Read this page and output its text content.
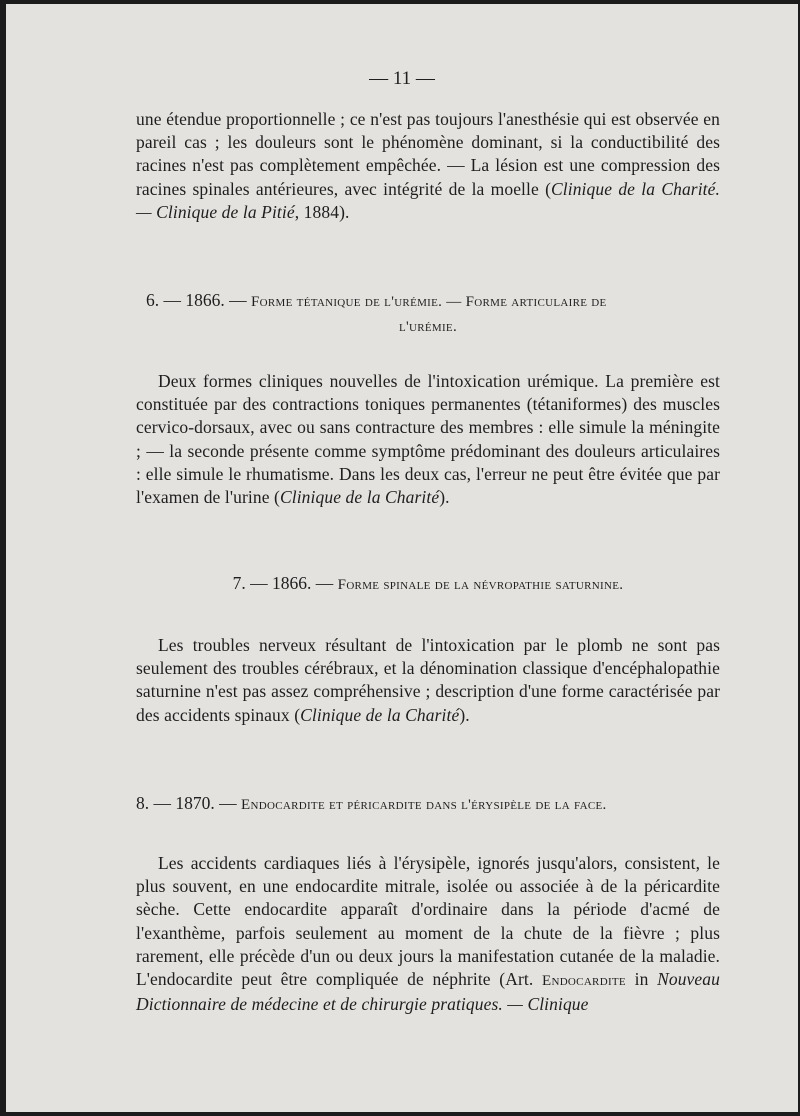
— 11 —

une étendue proportionnelle ; ce n'est pas toujours l'anesthésie qui est observée en pareil cas ; les douleurs sont le phénomène dominant, si la conductibilité des racines n'est pas complètement empêchée. — La lésion est une compression des racines spinales antérieures, avec intégrité de la moelle (Clinique de la Charité. — Clinique de la Pitié, 1884).

6. — 1866. — Forme tétanique de l'urémie. — Forme articulaire de
l'urémie.

Deux formes cliniques nouvelles de l'intoxication urémique. La première est constituée par des contractions toniques permanentes (tétaniformes) des muscles cervico-dorsaux, avec ou sans contracture des membres : elle simule la méningite ; — la seconde présente comme symptôme prédominant des douleurs articulaires : elle simule le rhumatisme. Dans les deux cas, l'erreur ne peut être évitée que par l'examen de l'urine (Clinique de la Charité).

7. — 1866. — Forme spinale de la névropathie saturnine.

Les troubles nerveux résultant de l'intoxication par le plomb ne sont pas seulement des troubles cérébraux, et la dénomination classique d'encéphalopathie saturnine n'est pas assez compréhensive ; description d'une forme caractérisée par des accidents spinaux (Clinique de la Charité).

8. — 1870. — Endocardite et péricardite dans l'érysipèle de la face.

Les accidents cardiaques liés à l'érysipèle, ignorés jusqu'alors, consistent, le plus souvent, en une endocardite mitrale, isolée ou associée à de la péricardite sèche. Cette endocardite apparaît d'ordinaire dans la période d'acmé de l'exanthème, parfois seulement au moment de la chute de la fièvre ; plus rarement, elle précède d'un ou deux jours la manifestation cutanée de la maladie. L'endocardite peut être compliquée de néphrite (Art. Endocardite in Nouveau Dictionnaire de médecine et de chirurgie pratiques. — Clinique
